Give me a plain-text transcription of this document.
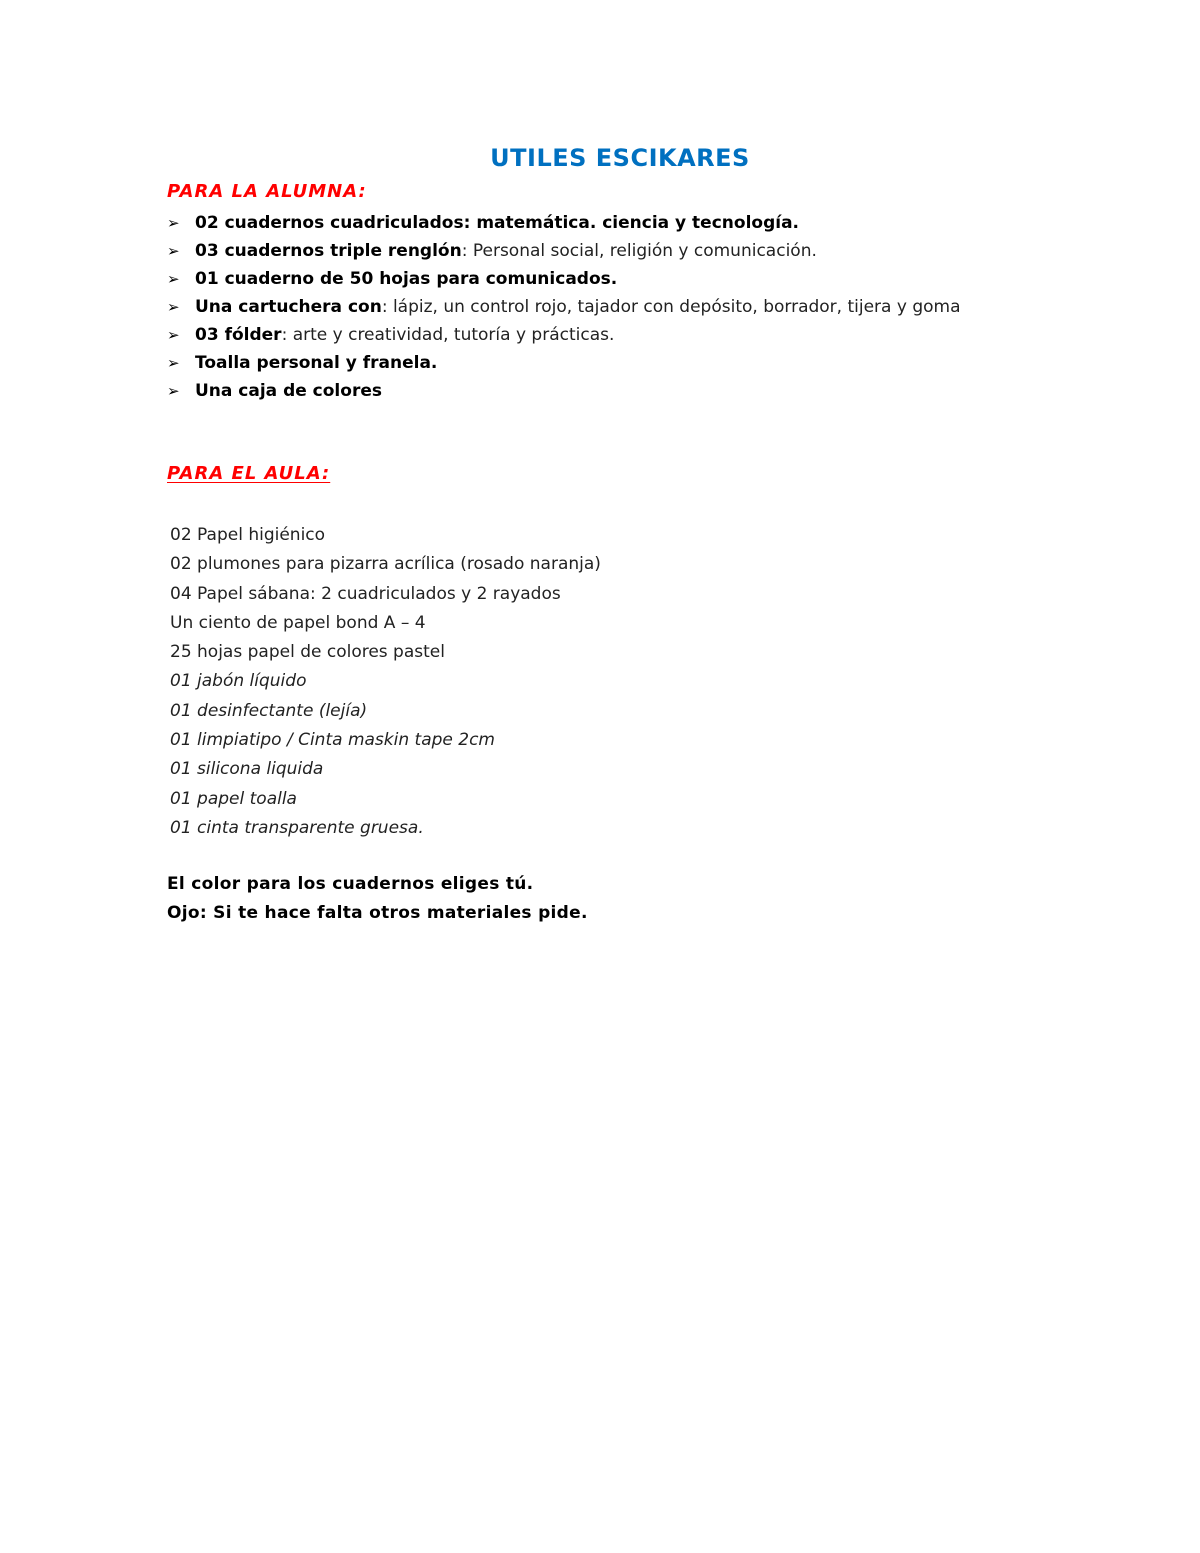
UTILES ESCIKARES
PARA LA ALUMNA:
➢ 02 cuadernos cuadriculados: matemática. ciencia y tecnología.
➢ 03 cuadernos triple renglón: Personal social, religión y comunicación.
➢ 01 cuaderno de 50 hojas para comunicados.
➢ Una cartuchera con: lápiz, un control rojo, tajador con depósito, borrador, tijera y goma
➢ 03 fólder: arte y creatividad, tutoría y prácticas.
➢ Toalla personal y franela.
➢ Una caja de colores
PARA EL AULA:
02 Papel higiénico
02 plumones para pizarra acrílica (rosado naranja)
04 Papel sábana: 2 cuadriculados y 2 rayados
Un ciento de papel bond A – 4
25 hojas papel de colores pastel
01 jabón líquido
01 desinfectante (lejía)
01 limpiatipo / Cinta maskin tape 2cm
01 silicona liquida
01 papel toalla
01 cinta transparente gruesa.
El color para los cuadernos eliges tú.
Ojo: Si te hace falta otros materiales pide.
